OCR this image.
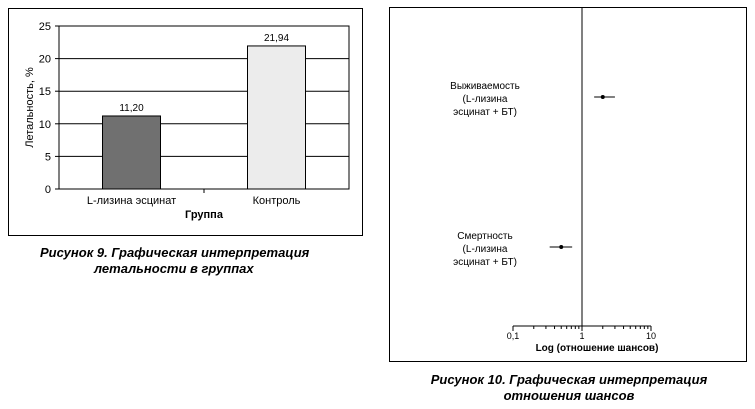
0
5
10
15
20
25
11,20
L-лизина эсцинат
21,94
Контроль
Группа
Летальность, %
Рисунок 9. Графическая интерпретация
летальности в группах
0,1	1	10
Log (отношение шансов)
Выживаемость
(L-лизина
эсцинат + БТ)
Смертность
(L-лизина
эсцинат + БТ)
Рисунок 10. Графическая интерпретация
отношения шансов
